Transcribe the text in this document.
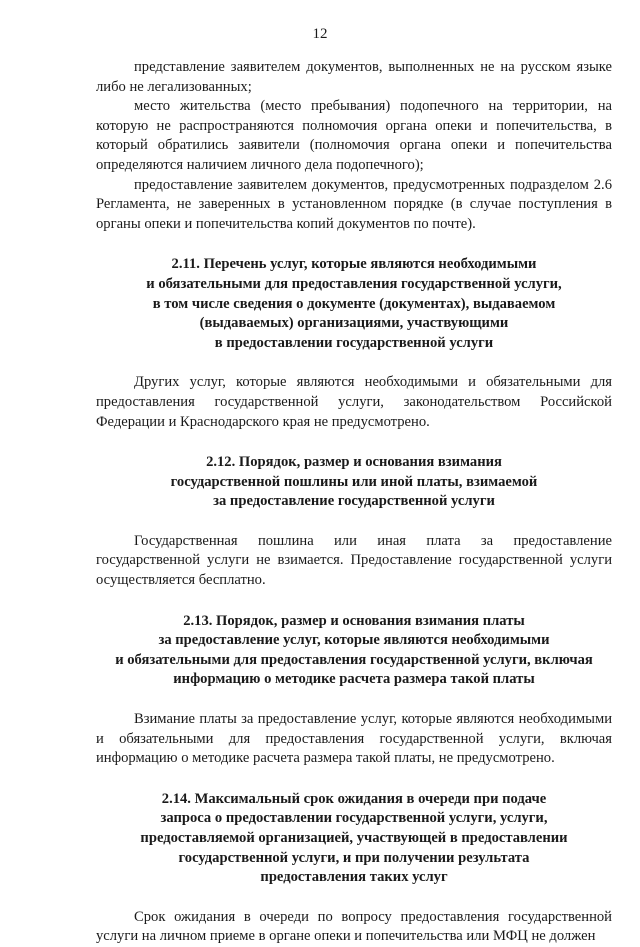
12

представление заявителем документов, выполненных не на русском языке либо не легализованных;

место жительства (место пребывания) подопечного на территории, на которую не распространяются полномочия органа опеки и попечительства, в который обратились заявители (полномочия органа опеки и попечительства определяются наличием личного дела подопечного);

предоставление заявителем документов, предусмотренных подразделом 2.6 Регламента, не заверенных в установленном порядке (в случае поступления в органы опеки и попечительства копий документов по почте).

2.11. Перечень услуг, которые являются необходимыми
и обязательными для предоставления государственной услуги,
в том числе сведения о документе (документах), выдаваемом
(выдаваемых) организациями, участвующими
в предоставлении государственной услуги

Других услуг, которые являются необходимыми и обязательными для предоставления государственной услуги, законодательством Российской Федерации и Краснодарского края не предусмотрено.

2.12. Порядок, размер и основания взимания
государственной пошлины или иной платы, взимаемой
за предоставление государственной услуги

Государственная пошлина или иная плата за предоставление государственной услуги не взимается. Предоставление государственной услуги осуществляется бесплатно.

2.13. Порядок, размер и основания взимания платы
за предоставление услуг, которые являются необходимыми
и обязательными для предоставления государственной услуги, включая
информацию о методике расчета размера такой платы

Взимание платы за предоставление услуг, которые являются необходимыми и обязательными для предоставления государственной услуги, включая информацию о методике расчета размера такой платы, не предусмотрено.

2.14. Максимальный срок ожидания в очереди при подаче
запроса о предоставлении государственной услуги, услуги,
предоставляемой организацией, участвующей в предоставлении
государственной услуги, и при получении результата
предоставления таких услуг

Срок ожидания в очереди по вопросу предоставления государственной услуги на личном приеме в органе опеки и попечительства или МФЦ не должен
